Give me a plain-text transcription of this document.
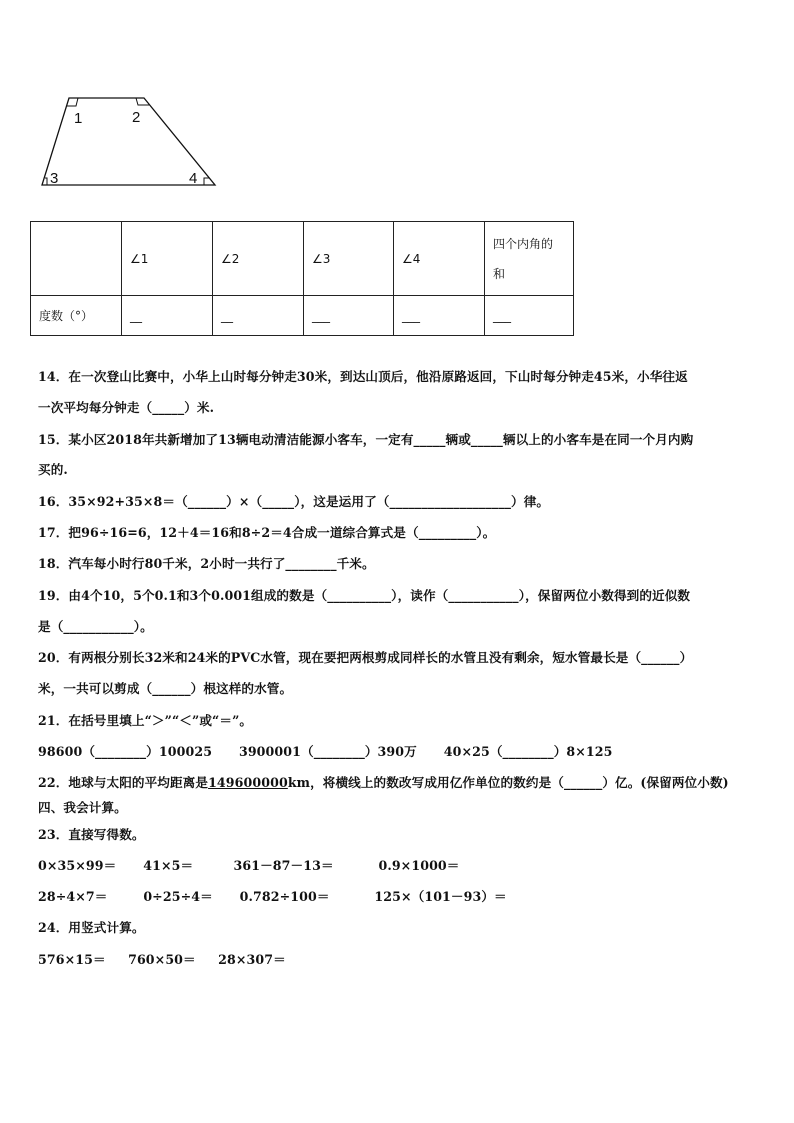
1	2
3	4
	∠1	∠2	∠3	∠4	四个内角的
和

度数（°）	__	__	___	___	___
14．在一次登山比赛中，小华上山时每分钟走30米，到达山顶后，他沿原路返回，下山时每分钟走45米，小华往返
一次平均每分钟走（_____）米.
15．某小区2018年共新增加了13辆电动清洁能源小客车，一定有_____辆或_____辆以上的小客车是在同一个月内购
买的.
16．35×92+35×8＝（______）×（_____），这是运用了（___________________）律。
17．把96÷16=6，12＋4＝16和8÷2＝4合成一道综合算式是（_________）。
18．汽车每小时行80千米，2小时一共行了________千米。
19．由4个10，5个0.1和3个0.001组成的数是（__________），读作（___________），保留两位小数得到的近似数
是（___________）。
20．有两根分别长32米和24米的PVC水管，现在要把两根剪成同样长的水管且没有剩余，短水管最长是（______）
米，一共可以剪成（______）根这样的水管。
21．在括号里填上“＞”“＜”或“＝”。
98600（________）100025      3900001（________）390万      40×25（________）8×125
22．地球与太阳的平均距离是149600000km，将横线上的数改写成用亿作单位的数约是（______）亿。(保留两位小数)
四、我会计算。
23．直接写得数。
0×35×99＝      41×5＝         361－87－13＝          0.9×1000＝
28÷4×7＝        0÷25÷4＝      0.782÷100＝          125×（101－93）＝
24．用竖式计算。
576×15＝     760×50＝     28×307＝
